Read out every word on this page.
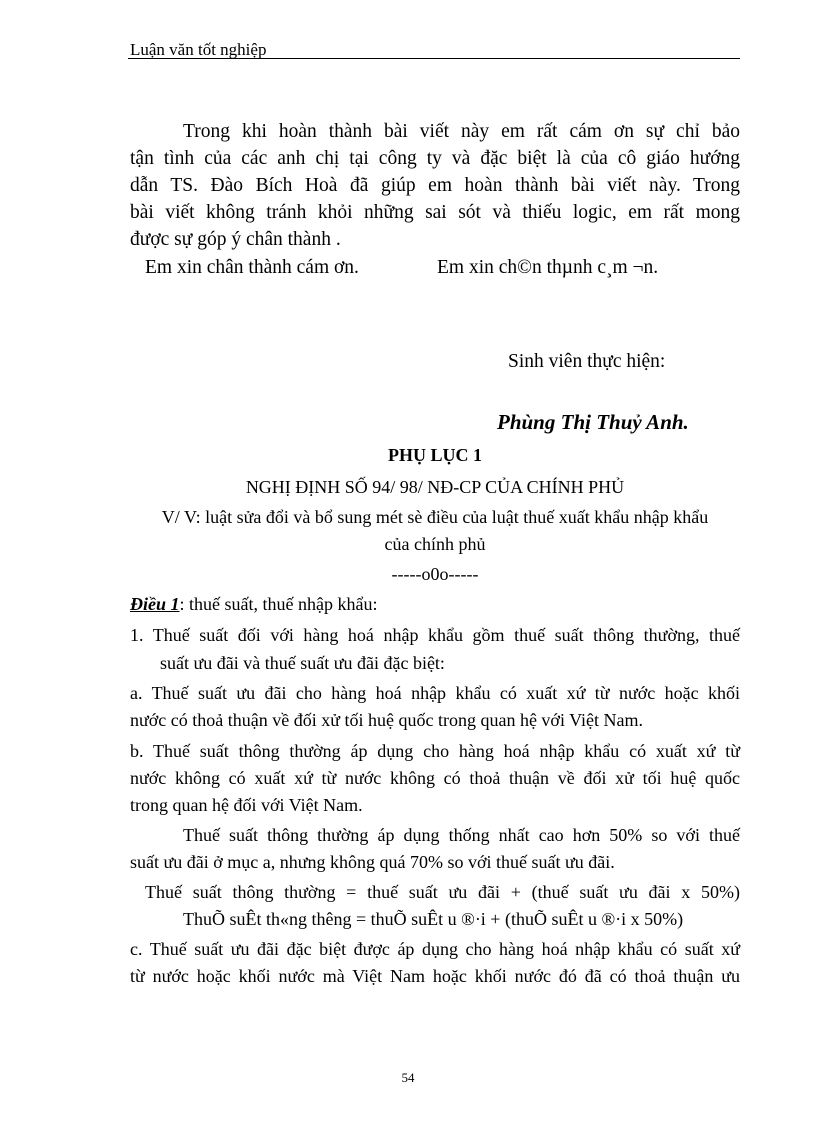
Luận văn tốt nghiệp
Trong khi hoàn thành bài viết này em rất cám ơn sự chỉ bảo
tận tình của các anh chị tại công ty và đặc biệt là của cô giáo hướng
dẫn TS. Đào Bích Hoà đã giúp em hoàn thành bài viết này. Trong
bài viết không tránh khỏi những sai sót và thiếu logic, em rất mong
được sự góp ý chân thành .
Em xin chân thành cám ơn.	Em xin ch©n thµnh c¸m ¬n.
Sinh viên thực hiện:
Phùng Thị Thuỷ Anh.
PHỤ LỤC 1
NGHỊ ĐỊNH SỐ 94/ 98/ NĐ-CP CỦA CHÍNH PHỦ
V/ V: luật sửa đổi và bổ sung mét sè điều của luật thuế xuất khẩu nhập khẩu
của chính phủ
-----o0o-----
Điều 1: thuế suất, thuế nhập khẩu:
1. Thuế suất đối với hàng hoá nhập khẩu gồm thuế suất thông thường, thuế
suất ưu đãi và thuế suất ưu đãi đặc biệt:
a. Thuế suất ưu đãi cho hàng hoá nhập khẩu có xuất xứ từ nước hoặc khối
nước có thoả thuận về đối xử tối huệ quốc trong quan hệ với Việt Nam.
b. Thuế suất thông thường áp dụng cho hàng hoá nhập khẩu có xuất xứ từ
nước không có xuất xứ từ nước không có thoả thuận về đối xử tối huệ quốc
trong quan hệ đối với Việt Nam.
Thuế suất thông thường áp dụng thống nhất cao hơn 50% so với thuế
suất ưu đãi ở mục a, nhưng không quá 70% so với thuế suất ưu đãi.
Thuế suất thông thường = thuế suất ưu đãi + (thuế suất ưu đãi x 50%)
ThuÕ suÊt th«ng thêng = thuÕ suÊt u ®·i + (thuÕ suÊt u ®·i x 50%)
c. Thuế suất ưu đãi đặc biệt được áp dụng cho hàng hoá nhập khẩu có suất xứ
từ nước hoặc khối nước mà Việt Nam hoặc khối nước đó đã có thoả thuận ưu
54
